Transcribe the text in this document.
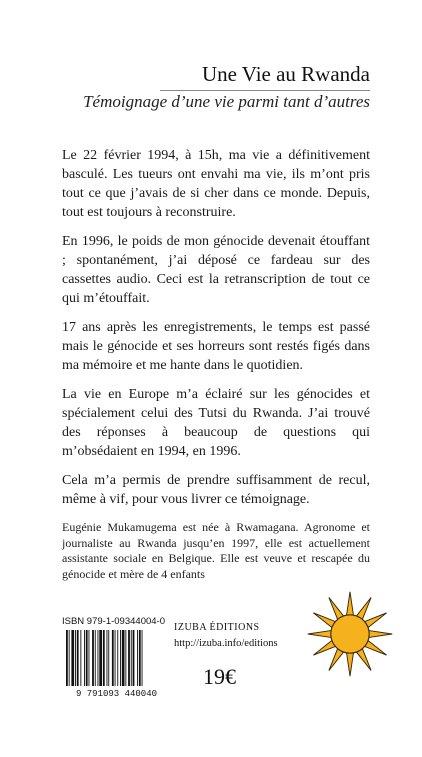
Une Vie au Rwanda
Témoignage d’une vie parmi tant d’autres

Le 22 février 1994, à 15h, ma vie a définitivement basculé. Les tueurs ont envahi ma vie, ils m’ont pris tout ce que j’avais de si cher dans ce monde. Depuis, tout est toujours à reconstruire.

En 1996, le poids de mon génocide devenait étouffant ; spontanément, j’ai déposé ce fardeau sur des cassettes audio. Ceci est la retranscription de tout ce qui m’étouffait.

17 ans après les enregistrements, le temps est passé mais le génocide et ses horreurs sont restés figés dans ma mémoire et me hante dans le quotidien.

La vie en Europe m’a éclairé sur les génocides et spécialement celui des Tutsi du Rwanda. J’ai trouvé des réponses à beaucoup de questions qui m’obsédaient en 1994, en 1996.

Cela m’a permis de prendre suffisamment de recul, même à vif, pour vous livrer ce témoignage.

Eugénie Mukamugema est née à Rwamagana. Agronome et journaliste au Rwanda jusqu’en 1997, elle est actuellement assistante sociale en Belgique. Elle est veuve et rescapée du génocide et mère de 4 enfants
ISBN 979-1-09344004-0
9 791093 440040
IZUBA ÉDITIONS
http://izuba.info/editions
19€
